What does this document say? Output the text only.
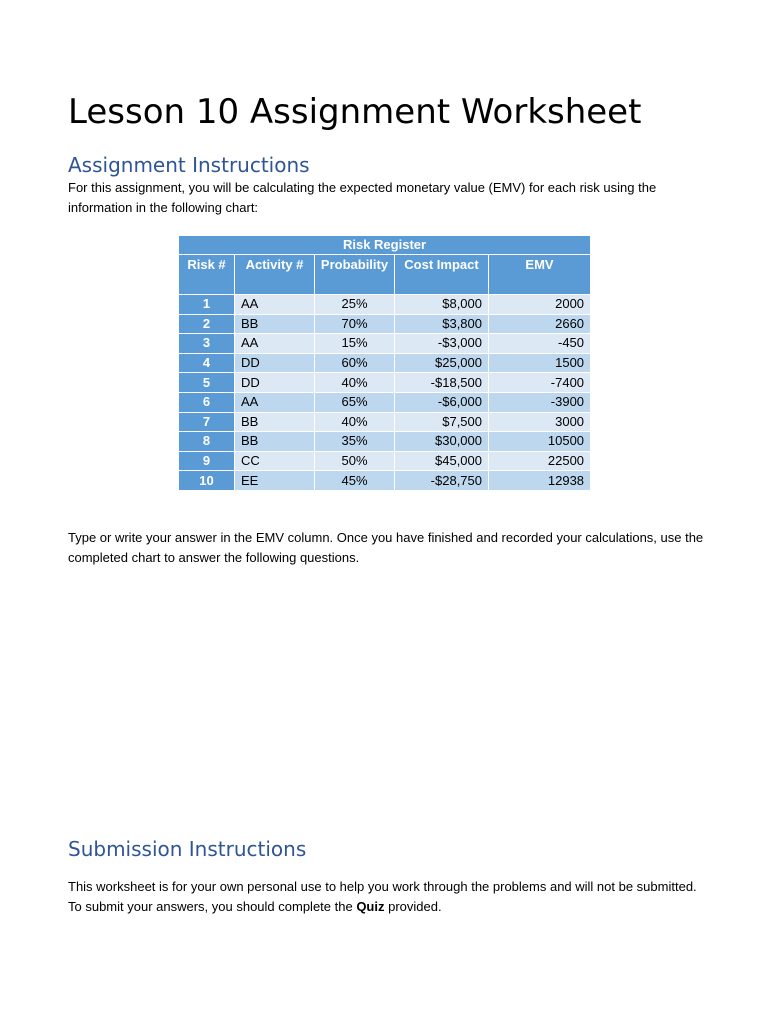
Lesson 10 Assignment Worksheet
Assignment Instructions

For this assignment, you will be calculating the expected monetary value (EMV) for each risk using the information in the following chart:

Risk Register				
Risk #	Activity #	Probability	Cost Impact	EMV
1	AA	25%	$8,000	2000
2	BB	70%	$3,800	2660
3	AA	15%	-$3,000	-450
4	DD	60%	$25,000	1500
5	DD	40%	-$18,500	-7400
6	AA	65%	-$6,000	-3900
7	BB	40%	$7,500	3000
8	BB	35%	$30,000	10500
9	CC	50%	$45,000	22500
10	EE	45%	-$28,750	12938

Type or write your answer in the EMV column. Once you have finished and recorded your calculations, use the completed chart to answer the following questions.

Submission Instructions

This worksheet is for your own personal use to help you work through the problems and will not be submitted. To submit your answers, you should complete the Quiz provided.
